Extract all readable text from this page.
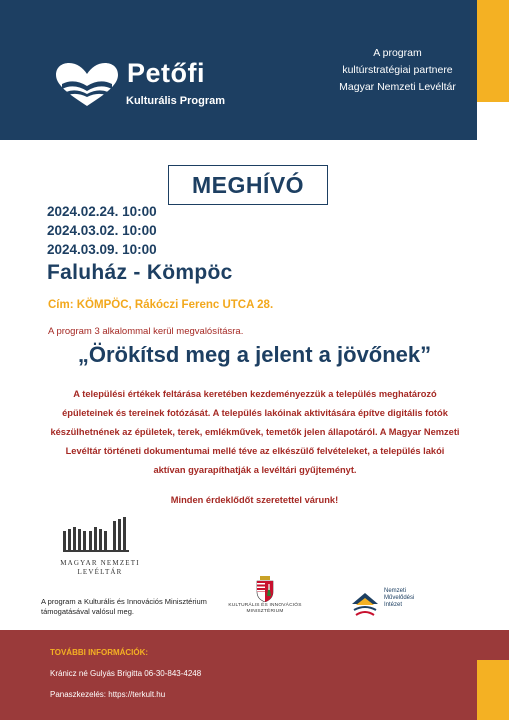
Petőfi
Kulturális Program
A program
kultúrstratégiai partnere
Magyar Nemzeti Levéltár
MEGHÍVÓ
2024.02.24. 10:00
2024.03.02. 10:00
2024.03.09. 10:00
Faluház - Kömpöc
Cím: KÖMPÖC, Rákóczi Ferenc UTCA 28.
A program 3 alkalommal kerül megvalósításra.
„Örökítsd meg a jelent a jövőnek”
A települési értékek feltárása keretében kezdeményezzük a település meghatározó épületeinek és tereinek fotózását. A település lakóinak aktivitására építve digitális fotók készülhetnének az épületek, terek, emlékművek, temetők jelen állapotáról. A Magyar Nemzeti Levéltár történeti dokumentumai mellé téve az elkészülő felvételeket, a település lakói aktívan gyarapíthatják a levéltári gyűjteményt.
Minden érdeklődőt szeretettel várunk!
MAGYAR NEMZETI
LEVÉLTÁR
A program a Kulturális és Innovációs Minisztérium támogatásával valósul meg.
KULTURÁLIS ÉS INNOVÁCIÓS
MINISZTÉRIUM
Nemzeti
Művelődési
Intézet
TOVÁBBI INFORMÁCIÓK:
Kránicz né Gulyás Brigitta 06-30-843-4248
Panaszkezelés: https://terkult.hu
